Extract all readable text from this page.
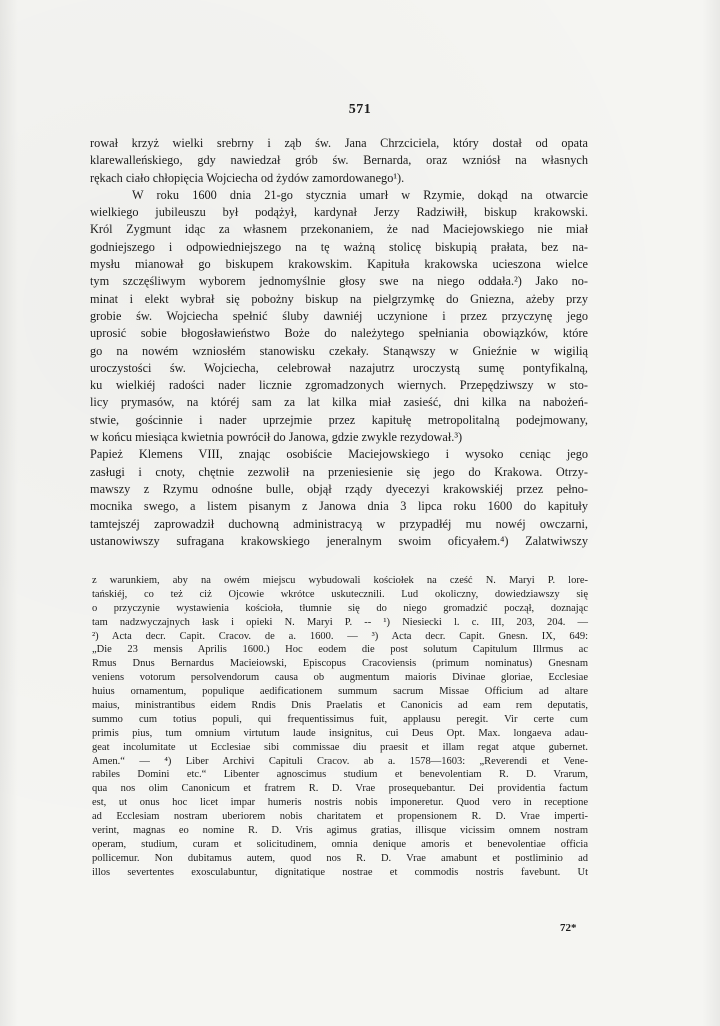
571
rował krzyż wielki srebrny i ząb św. Jana Chrzciciela, który dostał od opata
klarewalleńskiego, gdy nawiedzał grób św. Bernarda, oraz wzniósł na własnych
rękach ciało chłopięcia Wojciecha od żydów zamordowanego¹).
W roku 1600 dnia 21-go stycznia umarł w Rzymie, dokąd na otwarcie
wielkiego jubileuszu był podążył, kardynał Jerzy Radziwiłł, biskup krakowski.
Król Zygmunt idąc za własnem przekonaniem, że nad Maciejowskiego nie miał
godniejszego i odpowiedniejszego na tę ważną stolicę biskupią prałata, bez na-
mysłu mianował go biskupem krakowskim. Kapituła krakowska ucieszona wielce
tym szczęśliwym wyborem jednomyślnie głosy swe na niego oddała.²) Jako no-
minat i elekt wybrał się pobożny biskup na pielgrzymkę do Gniezna, ażeby przy
grobie św. Wojciecha spełnić śluby dawniéj uczynione i przez przyczynę jego
uprosić sobie błogosławieństwo Boże do należytego spełniania obowiązków, które
go na nowém wzniosłém stanowisku czekały. Stanąwszy w Gnieźnie w wigilią
uroczystości św. Wojciecha, celebrował nazajutrz uroczystą sumę pontyfikalną,
ku wielkiéj radości nader licznie zgromadzonych wiernych. Przepędziwszy w sto-
licy prymasów, na któréj sam za lat kilka miał zasieść, dni kilka na nabożeń-
stwie, gościnnie i nader uprzejmie przez kapitułę metropolitalną podejmowany,
w końcu miesiąca kwietnia powrócił do Janowa, gdzie zwykle rezydował.³)
Papież Klemens VIII, znając osobiście Maciejowskiego i wysoko cєniąc jego
zasługi i cnoty, chętnie zezwolił na przeniesienie się jego do Krakowa. Otrzy-
mawszy z Rzymu odnośne bulle, objął rządy dyecezyi krakowskiéj przez pełno-
mocnika swego, a listem pisanym z Janowa dnia 3 lipca roku 1600 do kapituły
tamtejszéj zaprowadził duchowną administracyą w przypadłéj mu nowéj owczarni,
ustanowiwszy sufragana krakowskiego jeneralnym swoim oficyałem.⁴) Zalatwiwszy
z warunkiem, aby na owém miejscu wybudowali kościołek na cześć N. Maryi P. lore-
tańskiéj, co też ciż Ojcowie wkrótce uskutecznili. Lud okoliczny, dowiedziawszy się
o przyczynie wystawienia kościoła, tłumnie się do niego gromadzić począł, doznając
tam nadzwyczajnych łask i opieki N. Maryi P. -- ¹) Niesiecki l. c. III, 203, 204. —
²) Acta decr. Capit. Cracov. de a. 1600. — ³) Acta decr. Capit. Gnesn. IX, 649:
„Die 23 mensis Aprilis 1600.) Hoc eodem die post solutum Capitulum Illrmus ac
Rmus Dnus Bernardus Macieiowski, Episcopus Cracoviensis (primum nominatus) Gnesnam
veniens votorum persolvendorum causa ob augmentum maioris Divinae gloriae, Ecclesiae
huius ornamentum, populique aedificationem summum sacrum Missae Officium ad altare
maius, ministrantibus eidem Rndis Dnis Praelatis et Canonicis ad eam rem deputatis,
summo cum totius populi, qui frequentissimus fuit, applausu peregit. Vir certe cum
primis pius, tum omnium virtutum laude insignitus, cui Deus Opt. Max. longaeva adau-
geat incolumitate ut Ecclesiae sibi commissae diu praesit et illam regat atque gubernet.
Amen.“ — ⁴) Liber Archivi Capituli Cracov. ab a. 1578—1603: „Reverendi et Vene-
rabiles Domini etc.“ Libenter agnoscimus studium et benevolentiam R. D. Vrarum,
qua nos olim Canonicum et fratrem R. D. Vrae prosequebantur. Dei providentia factum
est, ut onus hoc licet impar humeris nostris nobis imponeretur. Quod vero in receptione
ad Ecclesiam nostram uberiorem nobis charitatem et propensionem R. D. Vrae imperti-
verint, magnas eo nomine R. D. Vris agimus gratias, illisque vicissim omnem nostram
operam, studium, curam et solicitudinem, omnia denique amoris et benevolentiae officia
pollicemur. Non dubitamus autem, quod nos R. D. Vrae amabunt et postliminio ad
illos severtentes exosculabuntur, dignitatique nostrae et commodis nostris favebunt. Ut
72*
